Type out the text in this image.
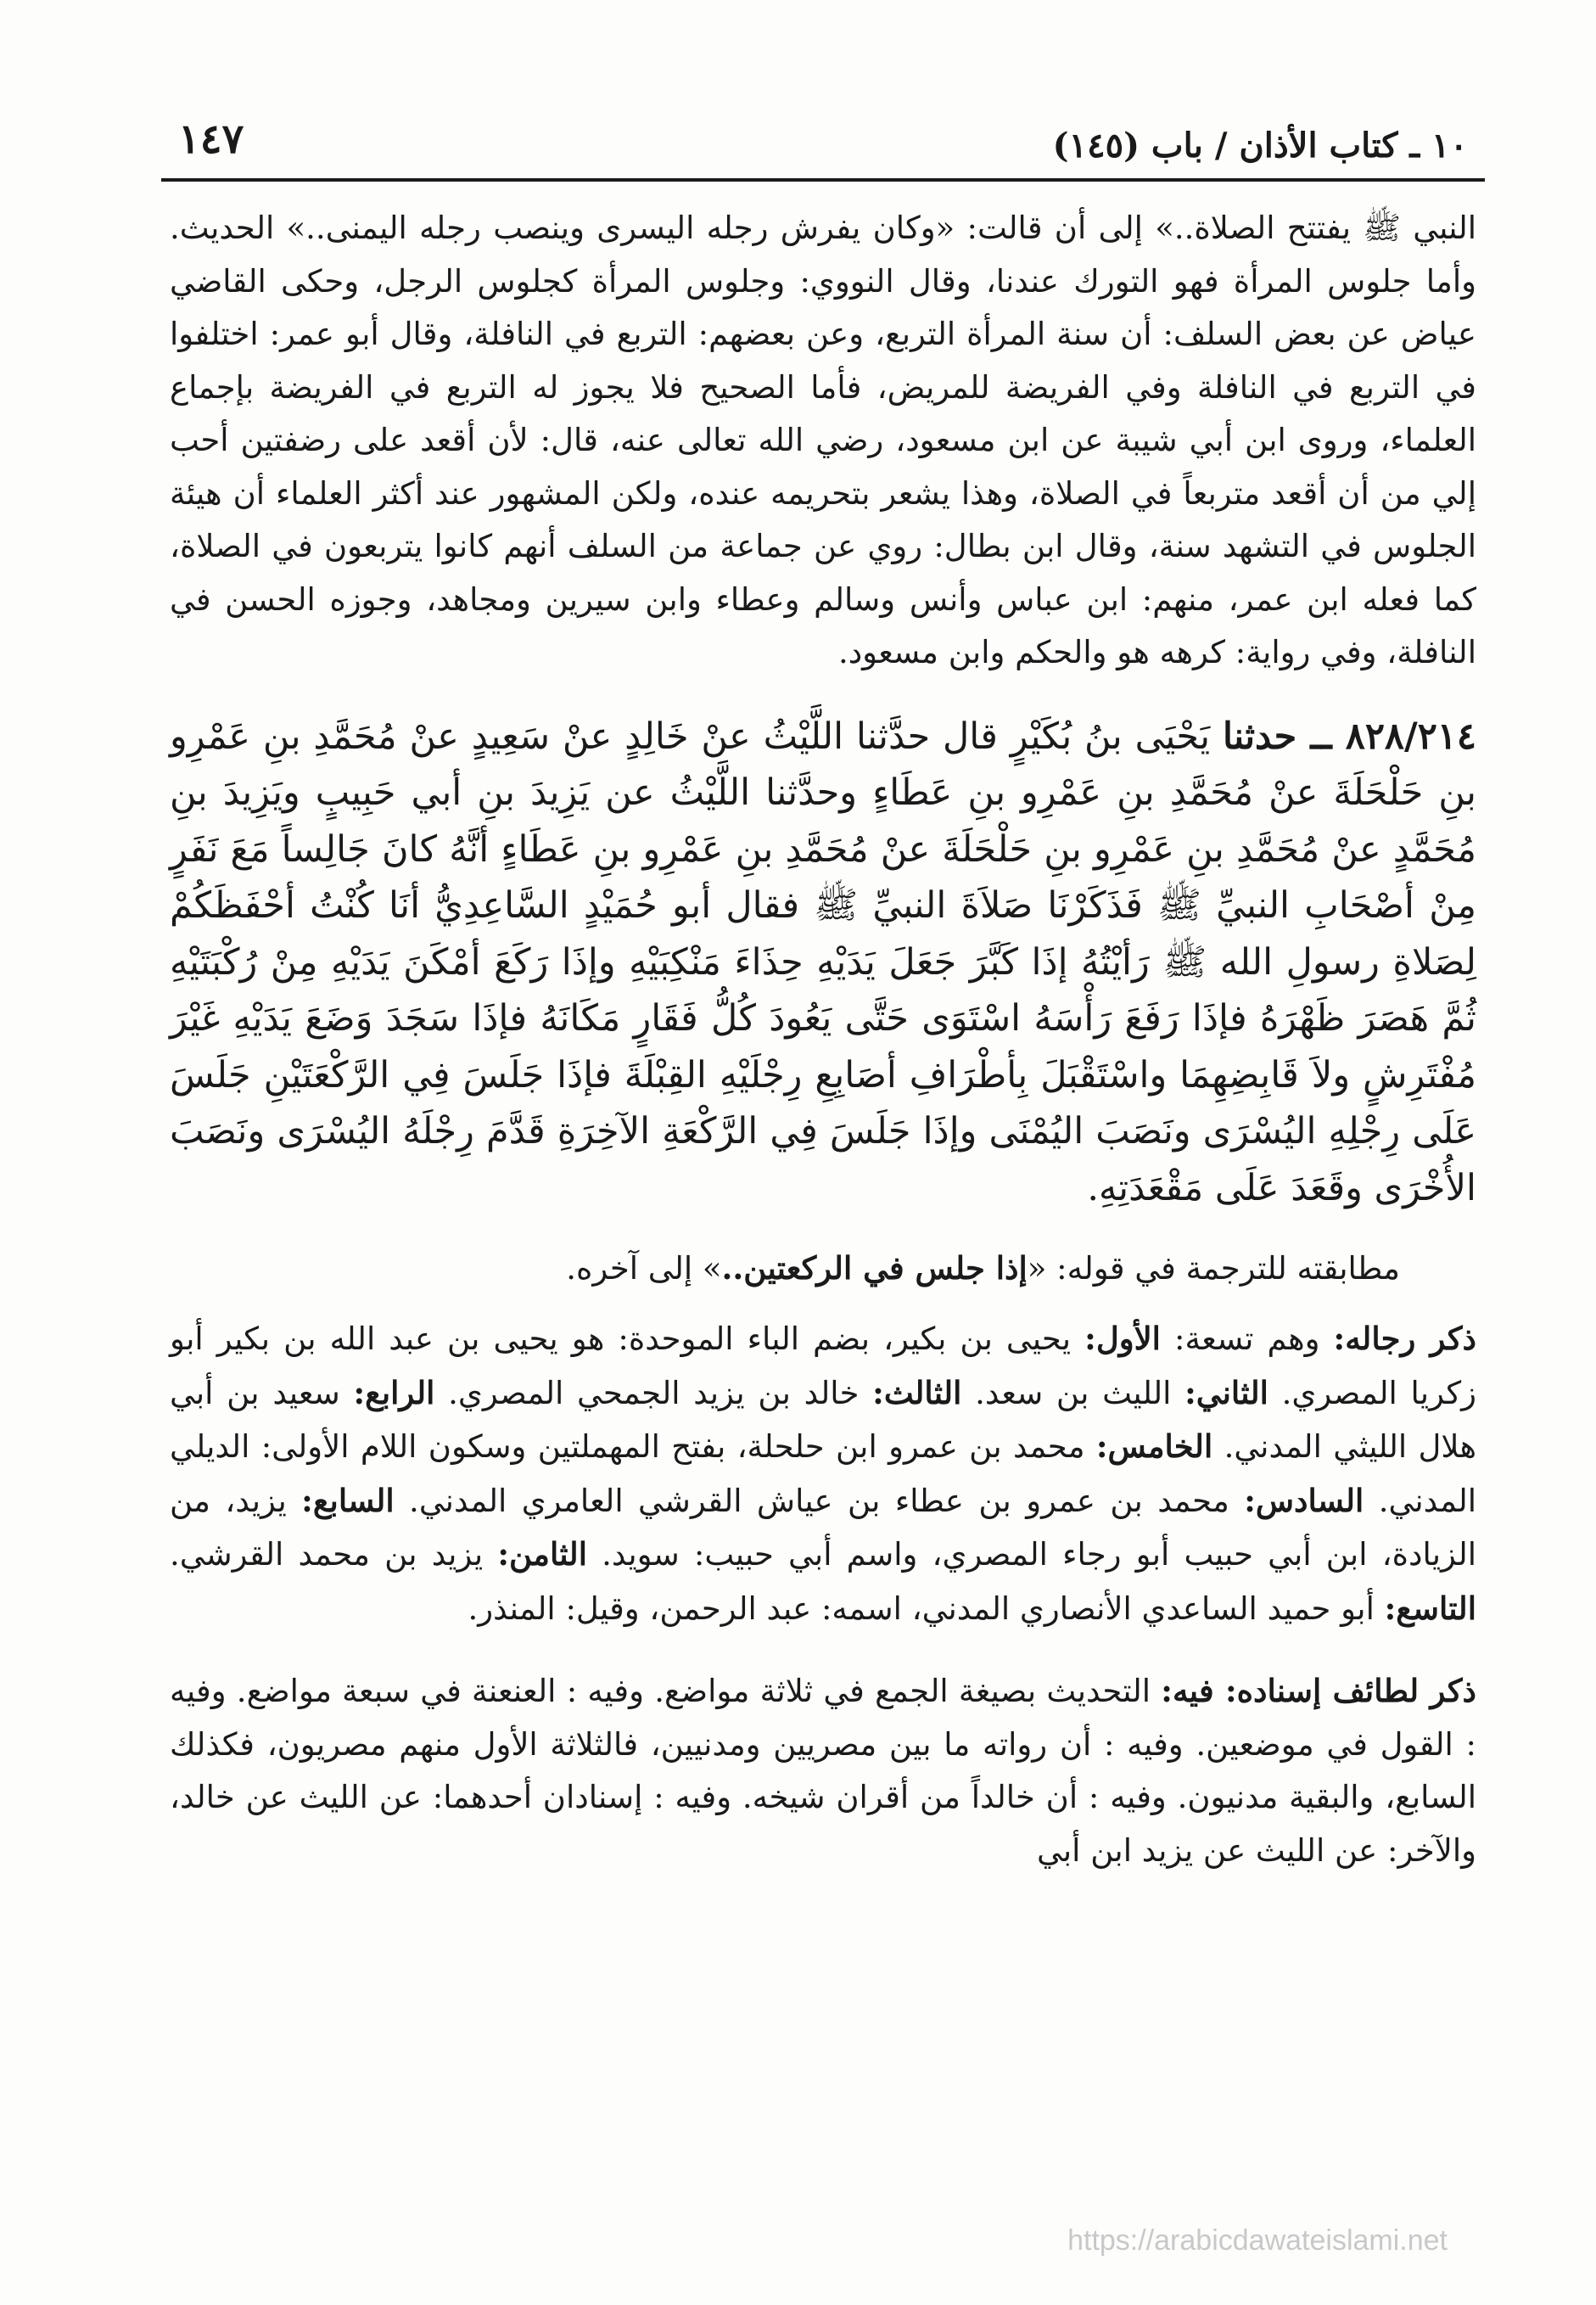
١٠ ـ كتاب الأذان / باب (١٤٥)
١٤٧

النبي ﷺ يفتتح الصلاة..» إلى أن قالت: «وكان يفرش رجله اليسرى وينصب رجله اليمنى..» الحديث. وأما جلوس المرأة فهو التورك عندنا، وقال النووي: وجلوس المرأة كجلوس الرجل، وحكى القاضي عياض عن بعض السلف: أن سنة المرأة التربع، وعن بعضهم: التربع في النافلة، وقال أبو عمر: اختلفوا في التربع في النافلة وفي الفريضة للمريض، فأما الصحيح فلا يجوز له التربع في الفريضة بإجماع العلماء، وروى ابن أبي شيبة عن ابن مسعود، رضي الله تعالى عنه، قال: لأن أقعد على رضفتين أحب إلي من أن أقعد متربعاً في الصلاة، وهذا يشعر بتحريمه عنده، ولكن المشهور عند أكثر العلماء أن هيئة الجلوس في التشهد سنة، وقال ابن بطال: روي عن جماعة من السلف أنهم كانوا يتربعون في الصلاة، كما فعله ابن عمر، منهم: ابن عباس وأنس وسالم وعطاء وابن سيرين ومجاهد، وجوزه الحسن في النافلة، وفي رواية: كرهه هو والحكم وابن مسعود.

٨٢٨/٢١٤ ــ حدثنا يَحْيَى بنُ بُكَيْرٍ قال حدَّثنا اللَّيْثُ عنْ خَالِدٍ عنْ سَعِيدٍ عنْ مُحَمَّدِ بنِ عَمْرِو بنِ حَلْحَلَةَ عنْ مُحَمَّدِ بنِ عَمْرِو بنِ عَطَاءٍ وحدَّثنا اللَّيْثُ عن يَزِيدَ بنِ أبي حَبِيبٍ ويَزِيدَ بنِ مُحَمَّدٍ عنْ مُحَمَّدِ بنِ عَمْرِو بنِ حَلْحَلَةَ عنْ مُحَمَّدِ بنِ عَمْرِو بنِ عَطَاءٍ أنَّهُ كانَ جَالِساً مَعَ نَفَرٍ مِنْ أصْحَابِ النبيِّ ﷺ فَذَكَرْنَا صَلاَةَ النبيِّ ﷺ فقال أبو حُمَيْدٍ السَّاعِدِيُّ أنَا كُنْتُ أحْفَظَكُمْ لِصَلاةِ رسولِ الله ﷺ رَأيْتُهُ إذَا كَبَّرَ جَعَلَ يَدَيْهِ حِذَاءَ مَنْكِبَيْهِ وإذَا رَكَعَ أمْكَنَ يَدَيْهِ مِنْ رُكْبَتَيْهِ ثُمَّ هَصَرَ ظَهْرَهُ فإذَا رَفَعَ رَأْسَهُ اسْتَوَى حَتَّى يَعُودَ كُلُّ فَقَارٍ مَكَانَهُ فإذَا سَجَدَ وَضَعَ يَدَيْهِ غَيْرَ مُفْتَرِشٍ ولاَ قَابِضِهِمَا واسْتَقْبَلَ بِأطْرَافِ أصَابِعِ رِجْلَيْهِ القِبْلَةَ فإذَا جَلَسَ فِي الرَّكْعَتَيْنِ جَلَسَ عَلَى رِجْلِهِ اليُسْرَى ونَصَبَ اليُمْنَى وإذَا جَلَسَ فِي الرَّكْعَةِ الآخِرَةِ قَدَّمَ رِجْلَهُ اليُسْرَى ونَصَبَ الأُخْرَى وقَعَدَ عَلَى مَقْعَدَتِهِ.

مطابقته للترجمة في قوله: «إذا جلس في الركعتين..» إلى آخره.

ذكر رجاله: وهم تسعة: الأول: يحيى بن بكير، بضم الباء الموحدة: هو يحيى بن عبد الله بن بكير أبو زكريا المصري. الثاني: الليث بن سعد. الثالث: خالد بن يزيد الجمحي المصري. الرابع: سعيد بن أبي هلال الليثي المدني. الخامس: محمد بن عمرو ابن حلحلة، بفتح المهملتين وسكون اللام الأولى: الديلي المدني. السادس: محمد بن عمرو بن عطاء بن عياش القرشي العامري المدني. السابع: يزيد، من الزيادة، ابن أبي حبيب أبو رجاء المصري، واسم أبي حبيب: سويد. الثامن: يزيد بن محمد القرشي. التاسع: أبو حميد الساعدي الأنصاري المدني، اسمه: عبد الرحمن، وقيل: المنذر.

ذكر لطائف إسناده: فيه: التحديث بصيغة الجمع في ثلاثة مواضع. وفيه : العنعنة في سبعة مواضع. وفيه : القول في موضعين. وفيه : أن رواته ما بين مصريين ومدنيين، فالثلاثة الأول منهم مصريون، فكذلك السابع، والبقية مدنيون. وفيه : أن خالداً من أقران شيخه. وفيه : إسنادان أحدهما: عن الليث عن خالد، والآخر: عن الليث عن يزيد ابن أبي

https://arabicdawateislami.net
